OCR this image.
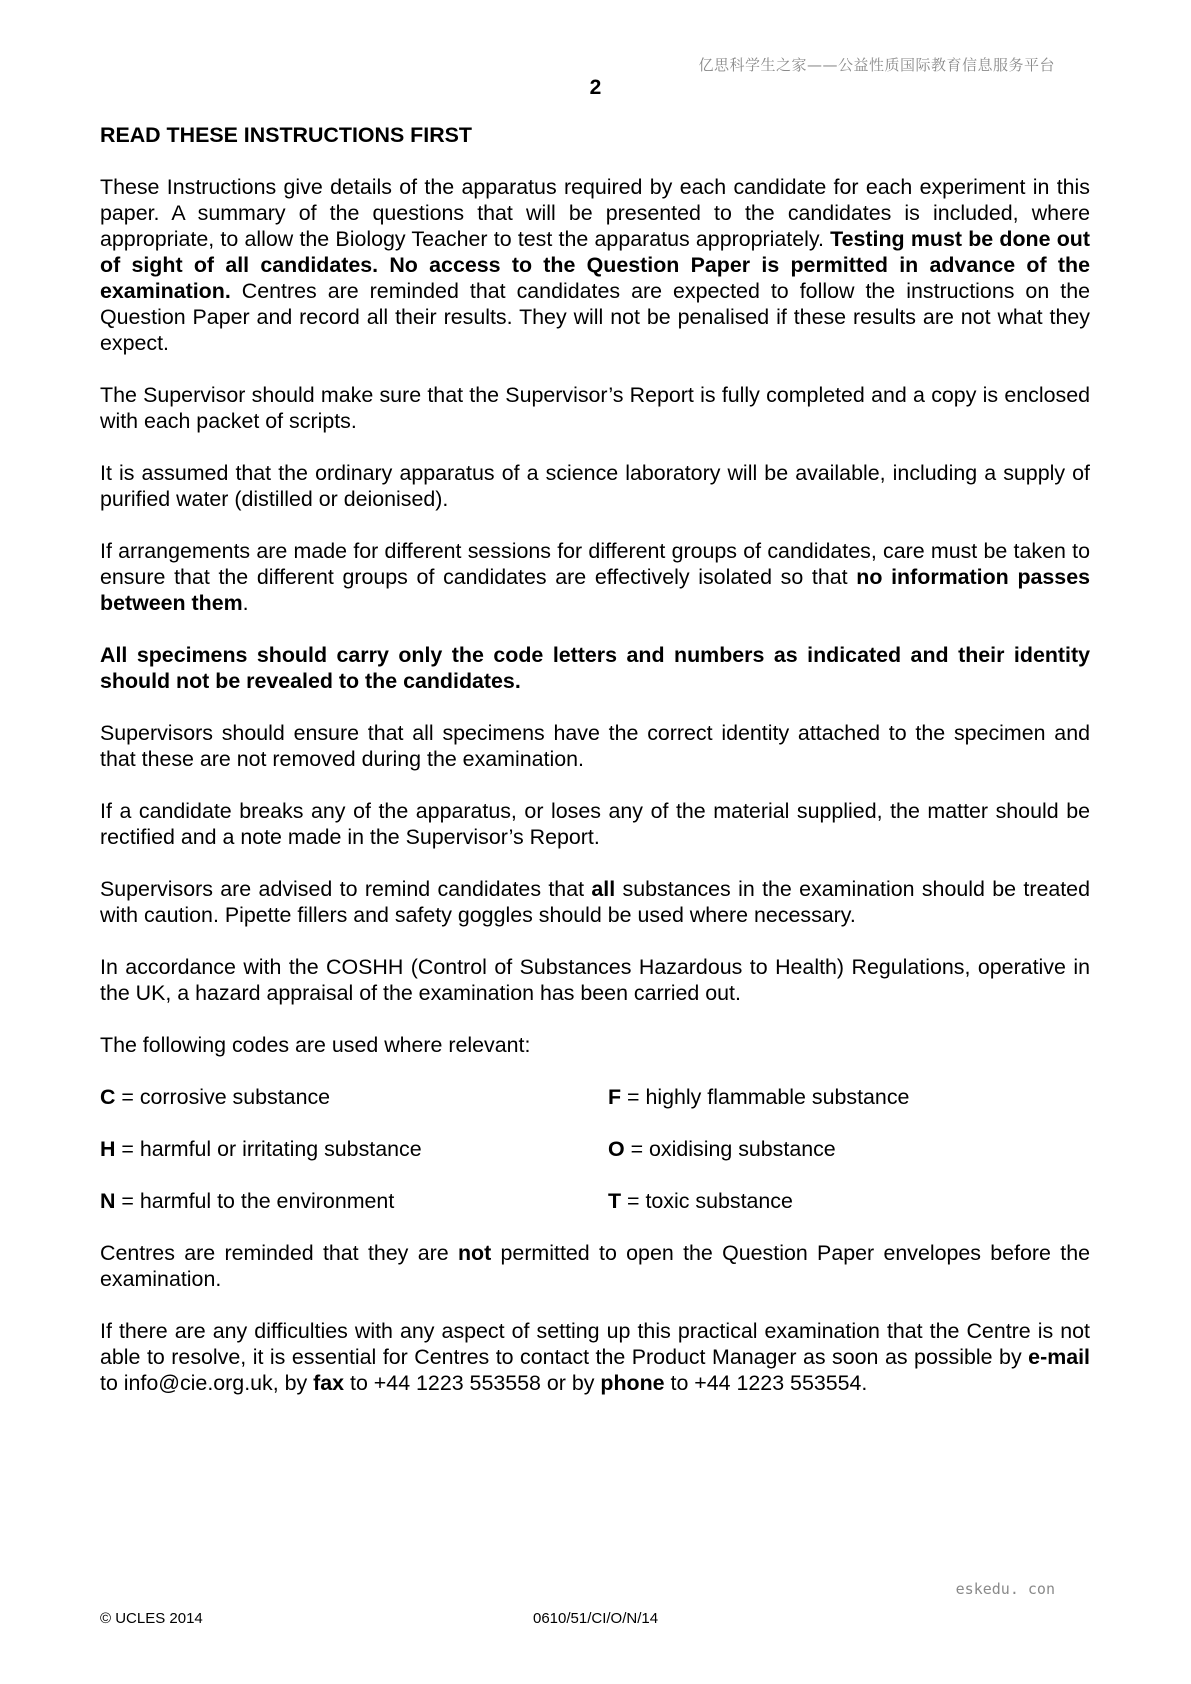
亿思科学生之家——公益性质国际教育信息服务平台
2
READ THESE INSTRUCTIONS FIRST

These Instructions give details of the apparatus required by each candidate for each experiment in this paper. A summary of the questions that will be presented to the candidates is included, where appropriate, to allow the Biology Teacher to test the apparatus appropriately. Testing must be done out of sight of all candidates. No access to the Question Paper is permitted in advance of the examination. Centres are reminded that candidates are expected to follow the instructions on the Question Paper and record all their results. They will not be penalised if these results are not what they expect.

The Supervisor should make sure that the Supervisor’s Report is fully completed and a copy is enclosed with each packet of scripts.

It is assumed that the ordinary apparatus of a science laboratory will be available, including a supply of purified water (distilled or deionised).

If arrangements are made for different sessions for different groups of candidates, care must be taken to ensure that the different groups of candidates are effectively isolated so that no information passes between them.

All specimens should carry only the code letters and numbers as indicated and their identity should not be revealed to the candidates.

Supervisors should ensure that all specimens have the correct identity attached to the specimen and that these are not removed during the examination.

If a candidate breaks any of the apparatus, or loses any of the material supplied, the matter should be rectified and a note made in the Supervisor’s Report.

Supervisors are advised to remind candidates that all substances in the examination should be treated with caution. Pipette fillers and safety goggles should be used where necessary.

In accordance with the COSHH (Control of Substances Hazardous to Health) Regulations, operative in the UK, a hazard appraisal of the examination has been carried out.

The following codes are used where relevant:

C = corrosive substance	F = highly flammable substance
H = harmful or irritating substance	O = oxidising substance
N = harmful to the environment	T = toxic substance

Centres are reminded that they are not permitted to open the Question Paper envelopes before the examination.

If there are any difficulties with any aspect of setting up this practical examination that the Centre is not able to resolve, it is essential for Centres to contact the Product Manager as soon as possible by e-mail to info@cie.org.uk, by fax to +44 1223 553558 or by phone to +44 1223 553554.

eskedu. con
© UCLES 2014	0610/51/CI/O/N/14
